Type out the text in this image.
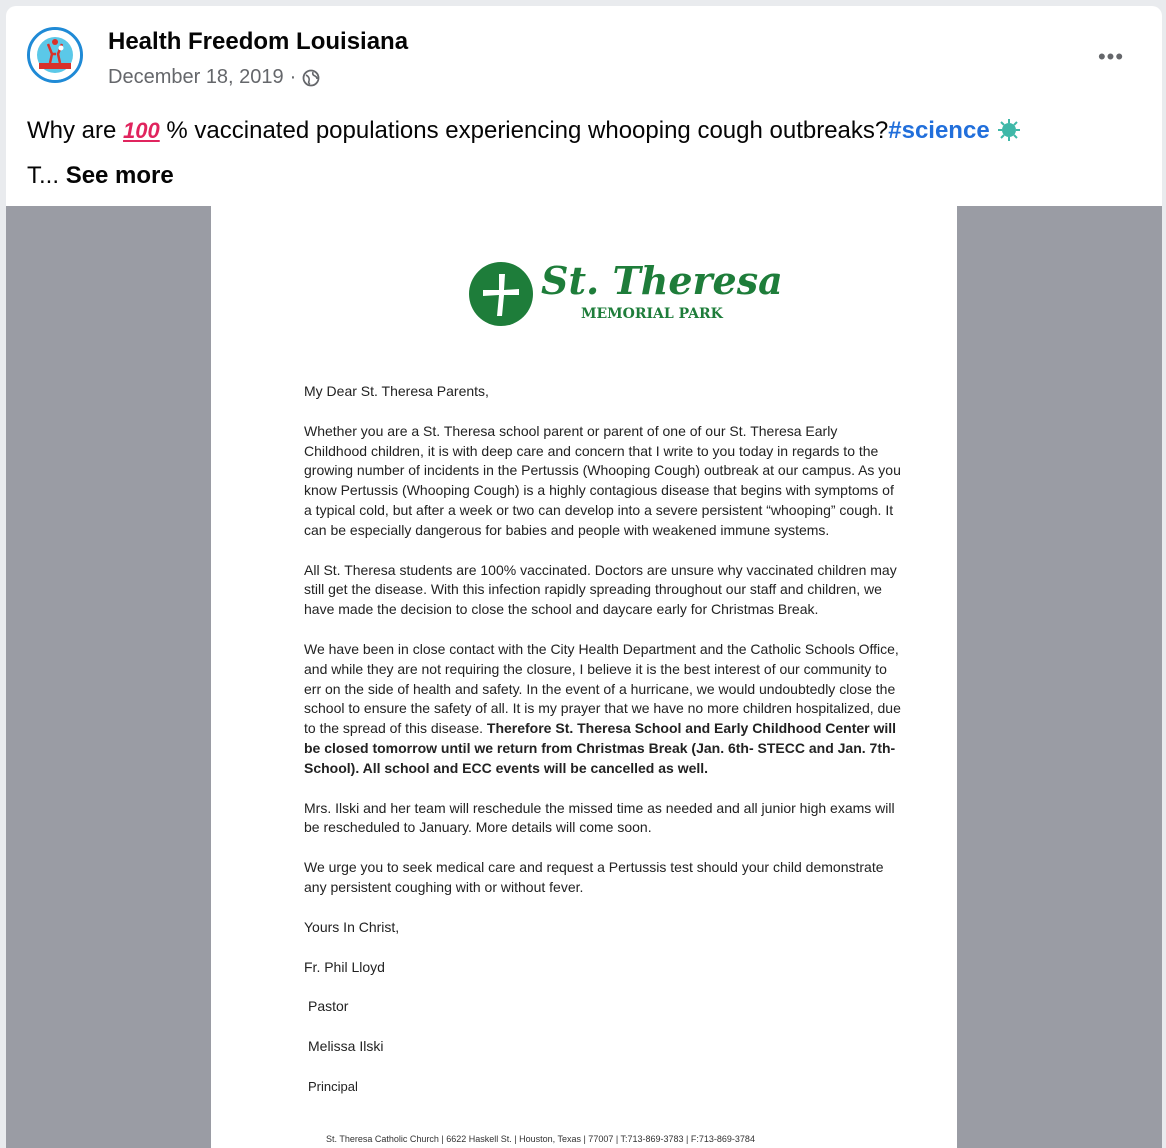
Health Freedom Louisiana
December 18, 2019 ·
•••
Why are 100 % vaccinated populations experiencing whooping cough outbreaks?#science
T... See more
St. Theresa
MEMORIAL PARK

My Dear St. Theresa Parents,

Whether you are a St. Theresa school parent or parent of one of our St. Theresa Early Childhood children, it is with deep care and concern that I write to you today in regards to the growing number of incidents in the Pertussis (Whooping Cough) outbreak at our campus. As you know Pertussis (Whooping Cough) is a highly contagious disease that begins with symptoms of a typical cold, but after a week or two can develop into a severe persistent “whooping” cough. It can be especially dangerous for babies and people with weakened immune systems.

All St. Theresa students are 100% vaccinated. Doctors are unsure why vaccinated children may still get the disease. With this infection rapidly spreading throughout our staff and children, we have made the decision to close the school and daycare early for Christmas Break.

We have been in close contact with the City Health Department and the Catholic Schools Office, and while they are not requiring the closure, I believe it is the best interest of our community to err on the side of health and safety. In the event of a hurricane, we would undoubtedly close the school to ensure the safety of all. It is my prayer that we have no more children hospitalized, due to the spread of this disease. Therefore St. Theresa School and Early Childhood Center will be closed tomorrow until we return from Christmas Break (Jan. 6th- STECC and Jan. 7th- School). All school and ECC events will be cancelled as well.

Mrs. Ilski and her team will reschedule the missed time as needed and all junior high exams will be rescheduled to January. More details will come soon.

We urge you to seek medical care and request a Pertussis test should your child demonstrate any persistent coughing with or without fever.

Yours In Christ,

Fr. Phil Lloyd

Pastor

Melissa Ilski

Principal

St. Theresa Catholic Church | 6622 Haskell St. | Houston, Texas | 77007 | T:713-869-3783 | F:713-869-3784
